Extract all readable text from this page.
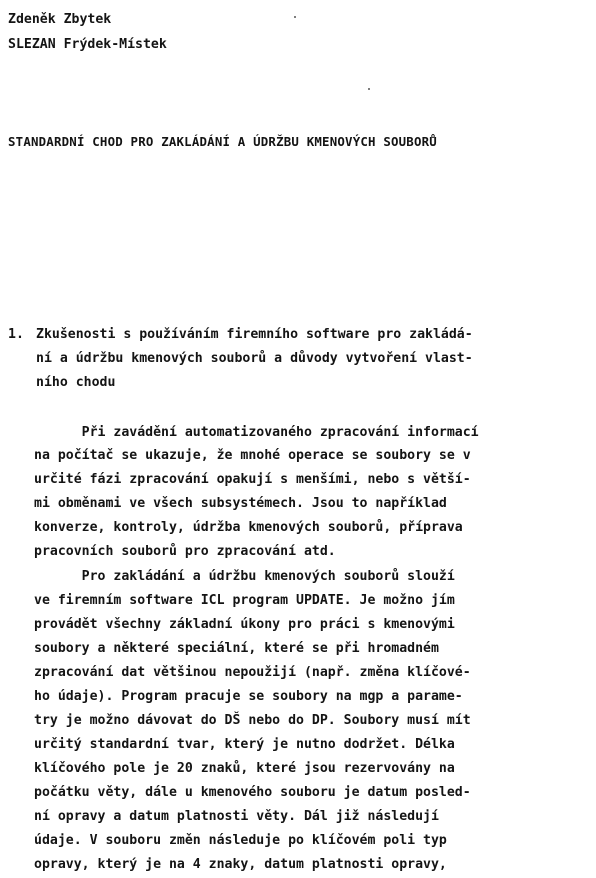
Zdeněk Zbytek
SLEZAN Frýdek-Místek
STANDARDNÍ CHOD PRO ZAKLÁDÁNÍ A ÚDRŽBU KMENOVÝCH SOUBORŮ
1. Zkušenosti s používáním firemního software pro zakládá-
ní a údržbu kmenových souborů a důvody vytvoření vlast-
ního chodu
Při zavádění automatizovaného zpracování informací
na počítač se ukazuje, že mnohé operace se soubory se v
určité fázi zpracování opakují s menšími, nebo s větší-
mi obměnami ve všech subsystémech. Jsou to například
konverze, kontroly, údržba kmenových souborů, příprava
pracovních souborů pro zpracování atd.
Pro zakládání a údržbu kmenových souborů slouží
ve firemním software ICL program UPDATE. Je možno jím
provádět všechny základní úkony pro práci s kmenovými
soubory a některé speciální, které se při hromadném
zpracování dat většinou nepoužijí (např. změna klíčové-
ho údaje). Program pracuje se soubory na mgp a parame-
try je možno dávovat do DŠ nebo do DP. Soubory musí mít
určitý standardní tvar, který je nutno dodržet. Délka
klíčového pole je 20 znaků, které jsou rezervovány na
počátku věty, dále u kmenového souboru je datum posled-
ní opravy a datum platnosti věty. Dál již následují
údaje. V souboru změn následuje po klíčovém poli typ
opravy, který je na 4 znaky, datum platnosti opravy,
